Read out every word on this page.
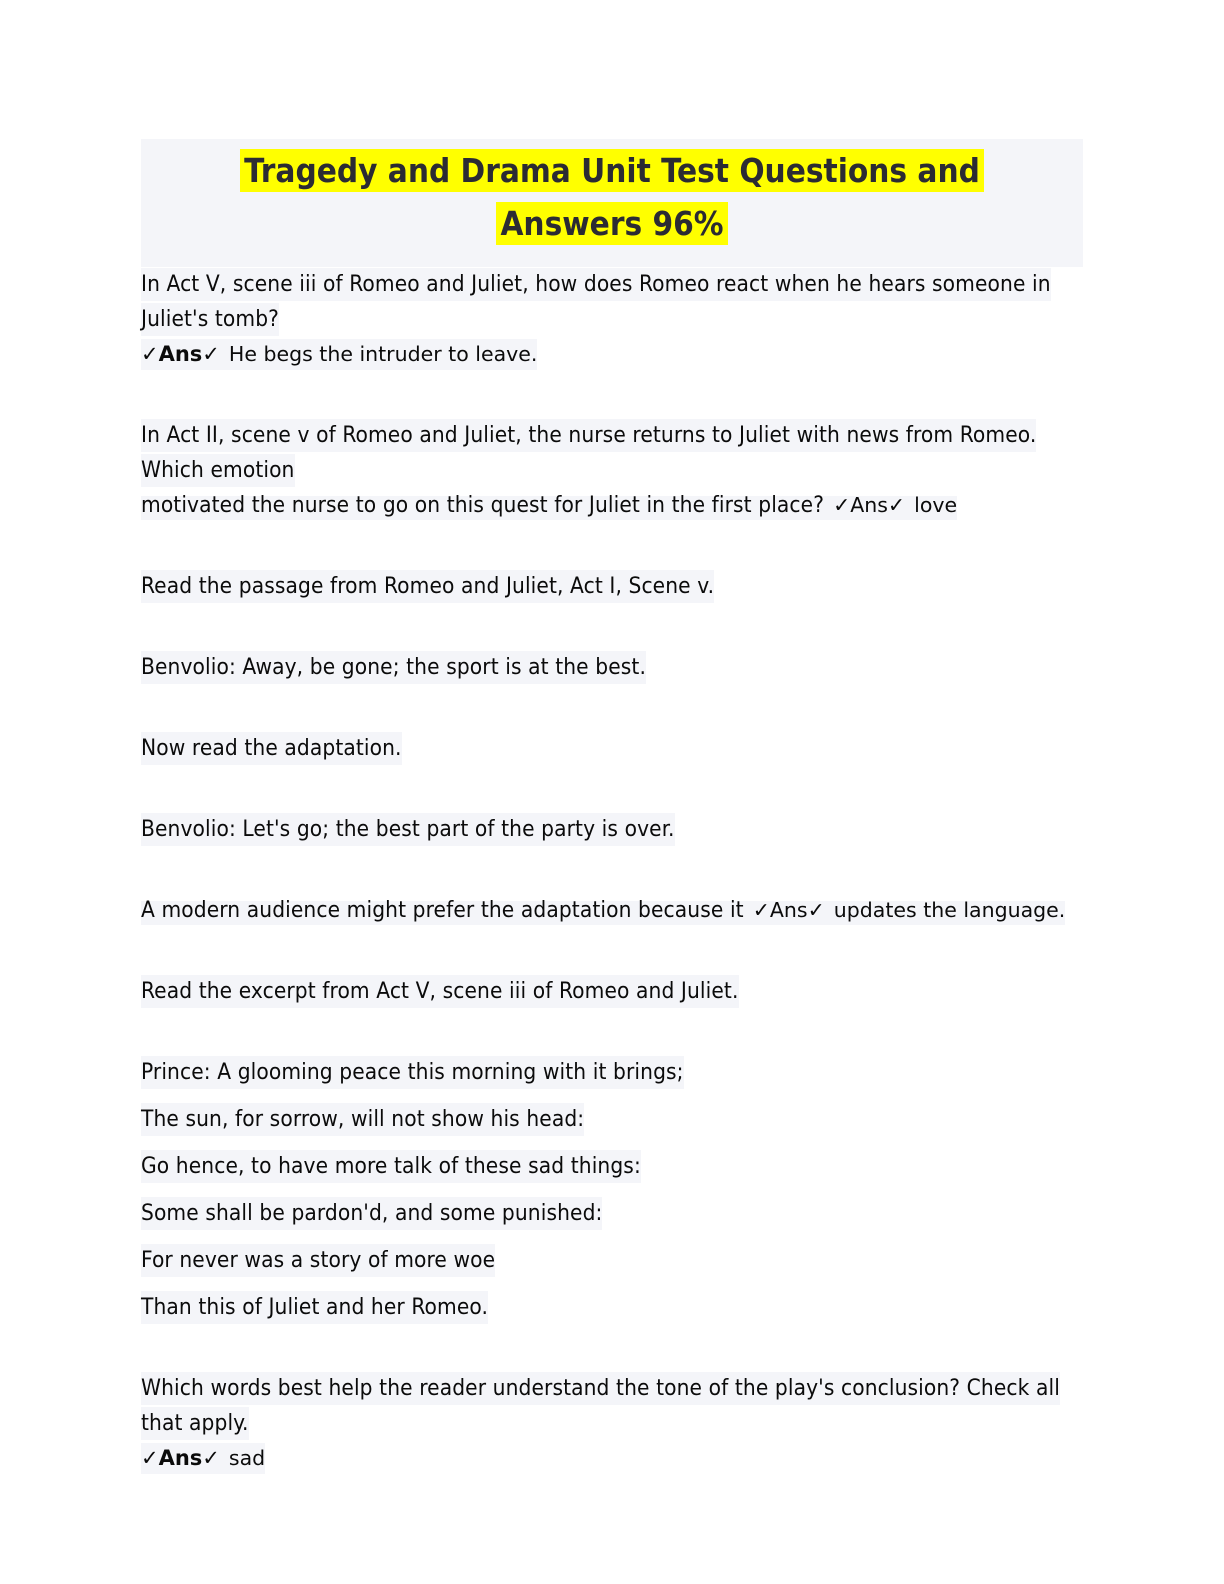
Tragedy and Drama Unit Test Questions and
Answers 96%
In Act V, scene iii of Romeo and Juliet, how does Romeo react when he hears someone in Juliet's tomb?
✓Ans✓ He begs the intruder to leave.
In Act II, scene v of Romeo and Juliet, the nurse returns to Juliet with news from Romeo. Which emotion
motivated the nurse to go on this quest for Juliet in the first place? ✓Ans✓ love
Read the passage from Romeo and Juliet, Act I, Scene v.
Benvolio: Away, be gone; the sport is at the best.
Now read the adaptation.
Benvolio: Let's go; the best part of the party is over.
A modern audience might prefer the adaptation because it ✓Ans✓ updates the language.
Read the excerpt from Act V, scene iii of Romeo and Juliet.
Prince: A glooming peace this morning with it brings;
The sun, for sorrow, will not show his head:
Go hence, to have more talk of these sad things:
Some shall be pardon'd, and some punished:
For never was a story of more woe
Than this of Juliet and her Romeo.
Which words best help the reader understand the tone of the play's conclusion? Check all that apply.
✓Ans✓ sad
